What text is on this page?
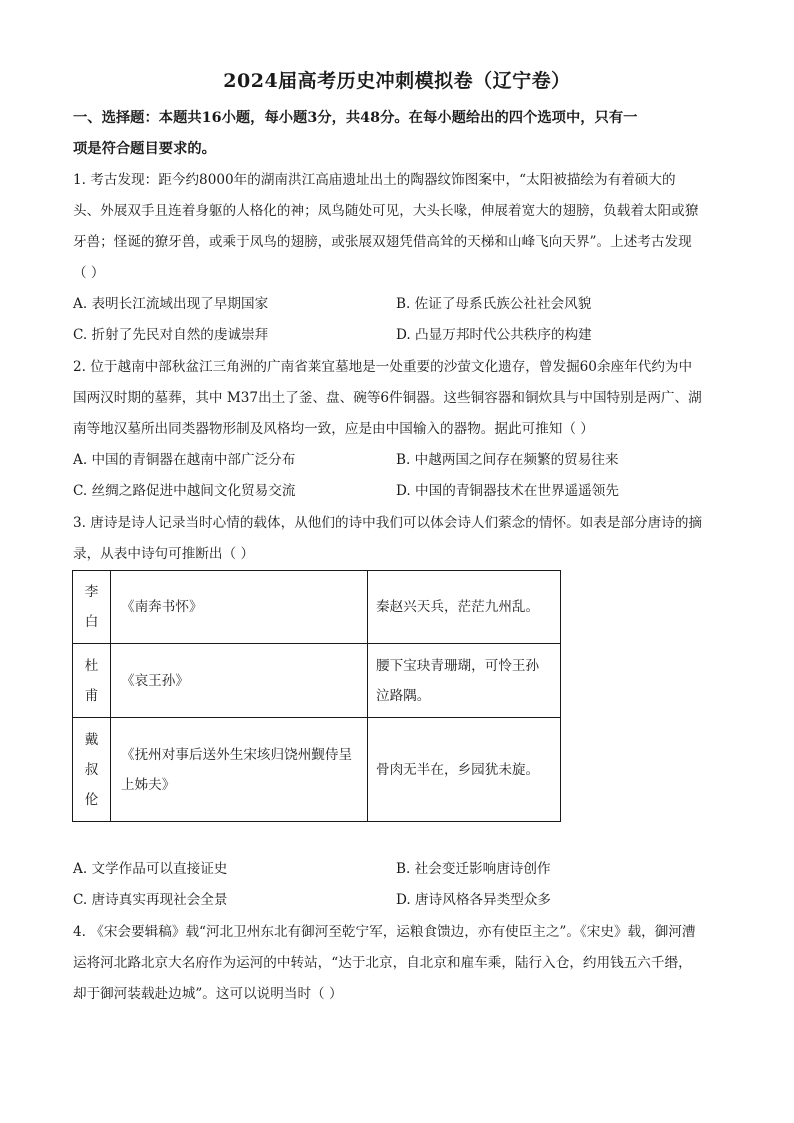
2024届高考历史冲刺模拟卷（辽宁卷）
一、选择题：本题共16小题，每小题3分，共48分。在每小题给出的四个选项中，只有一
项是符合题目要求的。
1. 考古发现：距今约8000年的湖南洪江高庙遗址出土的陶器纹饰图案中，“太阳被描绘为有着硕大的
头、外展双手且连着身躯的人格化的神；凤鸟随处可见，大头长喙，伸展着宽大的翅膀，负载着太阳或獠
牙兽；怪诞的獠牙兽，或乘于凤鸟的翅膀，或张展双翅凭借高耸的天梯和山峰飞向天界”。上述考古发现
（ ）
A. 表明长江流域出现了早期国家	B. 佐证了母系氏族公社社会风貌
C. 折射了先民对自然的虔诚崇拜	D. 凸显万邦时代公共秩序的构建
2. 位于越南中部秋盆江三角洲的广南省莱宜墓地是一处重要的沙萤文化遗存，曾发掘60余座年代约为中
国两汉时期的墓葬，其中 M37出土了釜、盘、碗等6件铜器。这些铜容器和铜炊具与中国特别是两广、湖
南等地汉墓所出同类器物形制及风格均一致，应是由中国输入的器物。据此可推知（ ）
A. 中国的青铜器在越南中部广泛分布	B. 中越两国之间存在频繁的贸易往来
C. 丝绸之路促进中越间文化贸易交流	D. 中国的青铜器技术在世界遥遥领先
3. 唐诗是诗人记录当时心情的载体，从他们的诗中我们可以体会诗人们萦念的情怀。如表是部分唐诗的摘
录，从表中诗句可推断出（ ）
李白	《南奔书怀》	秦赵兴天兵，茫茫九州乱。
杜甫	《哀王孙》	腰下宝玦青珊瑚，可怜王孙泣路隅。
戴叔伦	《抚州对事后送外生宋垓归饶州觐侍呈上姊夫》	骨肉无半在，乡园犹未旋。
A. 文学作品可以直接证史	B. 社会变迁影响唐诗创作
C. 唐诗真实再现社会全景	D. 唐诗风格各异类型众多
4. 《宋会要辑稿》载“河北卫州东北有御河至乾宁军，运粮食馈边，亦有使臣主之”。《宋史》载，御河漕
运将河北路北京大名府作为运河的中转站，“达于北京，自北京和雇车乘，陆行入仓，约用钱五六千缗，
却于御河装载赴边城”。这可以说明当时（ ）
